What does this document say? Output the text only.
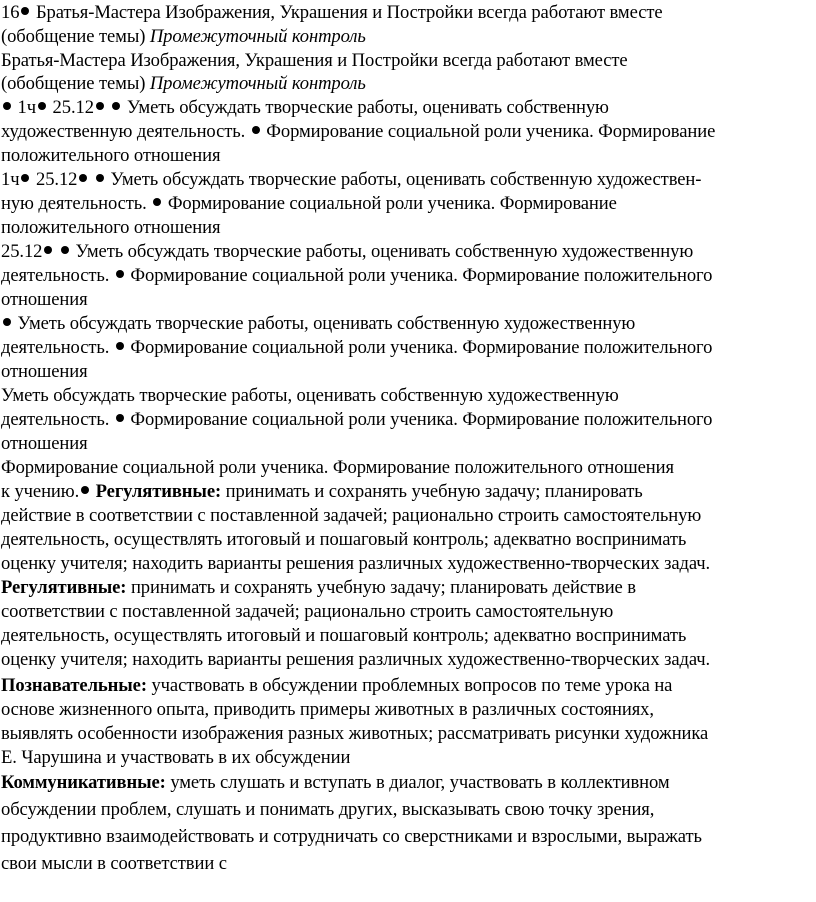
16 Братья-Мастера Изображения, Украшения и Постройки всегда работают вместе
(обобщение темы) Промежуточный контроль
Братья-Мастера Изображения, Украшения и Постройки всегда работают вместе
(обобщение темы) Промежуточный контроль
1ч 25.12  Уметь обсуждать творческие работы, оценивать собственную
художественную деятельность.  Формирование социальной роли ученика. Формирование
положительного отношения
1ч 25.12  Уметь обсуждать творческие работы, оценивать собственную художествен-
ную деятельность.  Формирование социальной роли ученика. Формирование
положительного отношения
25.12  Уметь обсуждать творческие работы, оценивать собственную художественную
деятельность.  Формирование социальной роли ученика. Формирование положительного
отношения
Уметь обсуждать творческие работы, оценивать собственную художественную
деятельность.  Формирование социальной роли ученика. Формирование положительного
отношения
Уметь обсуждать творческие работы, оценивать собственную художественную
деятельность.  Формирование социальной роли ученика. Формирование положительного
отношения
Формирование социальной роли ученика. Формирование положительного отношения
к учению. Регулятивные: принимать и сохранять учебную задачу; планировать
действие в соответствии с поставленной задачей; рационально строить самостоятельную
деятельность, осуществлять итоговый и пошаговый контроль; адекватно воспринимать
оценку учителя; находить варианты решения различных художественно-творческих задач.
Регулятивные: принимать и сохранять учебную задачу; планировать действие в
соответствии с поставленной задачей; рационально строить самостоятельную
деятельность, осуществлять итоговый и пошаговый контроль; адекватно воспринимать
оценку учителя; находить варианты решения различных художественно-творческих задач.
Познавательные: участвовать в обсуждении проблемных вопросов по теме урока на
основе жизненного опыта, приводить примеры животных в различных состояниях,
выявлять особенности изображения разных животных; рассматривать рисунки художника
Е. Чарушина и участвовать в их обсуждении
Коммуникативные: уметь слушать и вступать в диалог, участвовать в коллективном
обсуждении проблем, слушать и понимать других, высказывать свою точку зрения,
продуктивно взаимодействовать и сотрудничать со сверстниками и взрослыми, выражать
свои мысли в соответствии с
